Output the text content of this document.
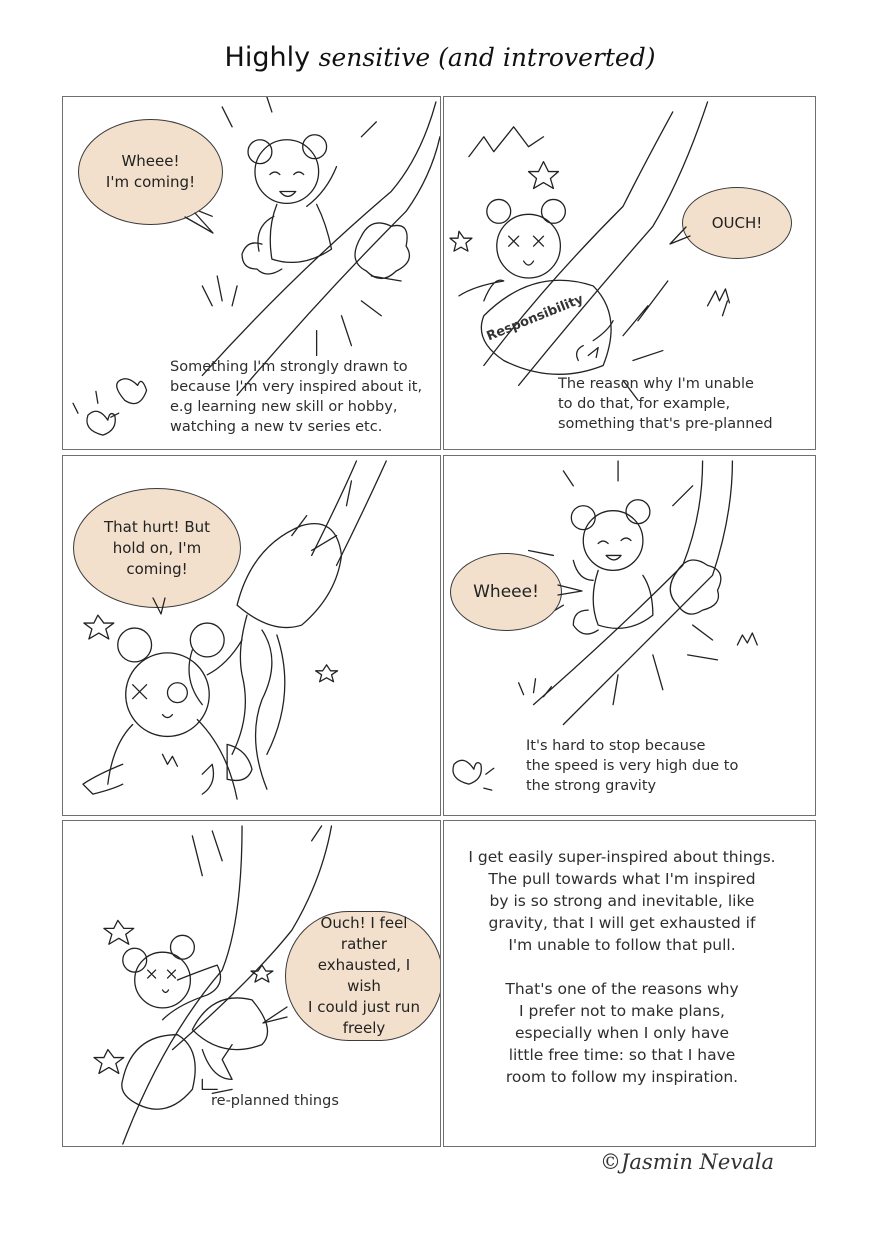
Highly sensitive (and introverted)
Wheee!
I'm coming!
Something I'm strongly drawn to
because I'm very inspired about it,
e.g learning new skill or hobby,
watching a new tv series etc.
Responsibility
OUCH!
The reason why I'm unable
to do that, for example,
something that's pre-planned
That hurt! But
hold on, I'm
coming!
Wheee!
It's hard to stop because
the speed is very high due to
the strong gravity
Ouch! I feel rather
exhausted, I wish
I could just run
freely
re-planned things
I get easily super-inspired about things.
The pull towards what I'm inspired
by is so strong and inevitable, like
gravity, that I will get exhausted if
I'm unable to follow that pull.

That's one of the reasons why
I prefer not to make plans,
especially when I only have
little free time: so that I have
room to follow my inspiration.
©Jasmin Nevala
